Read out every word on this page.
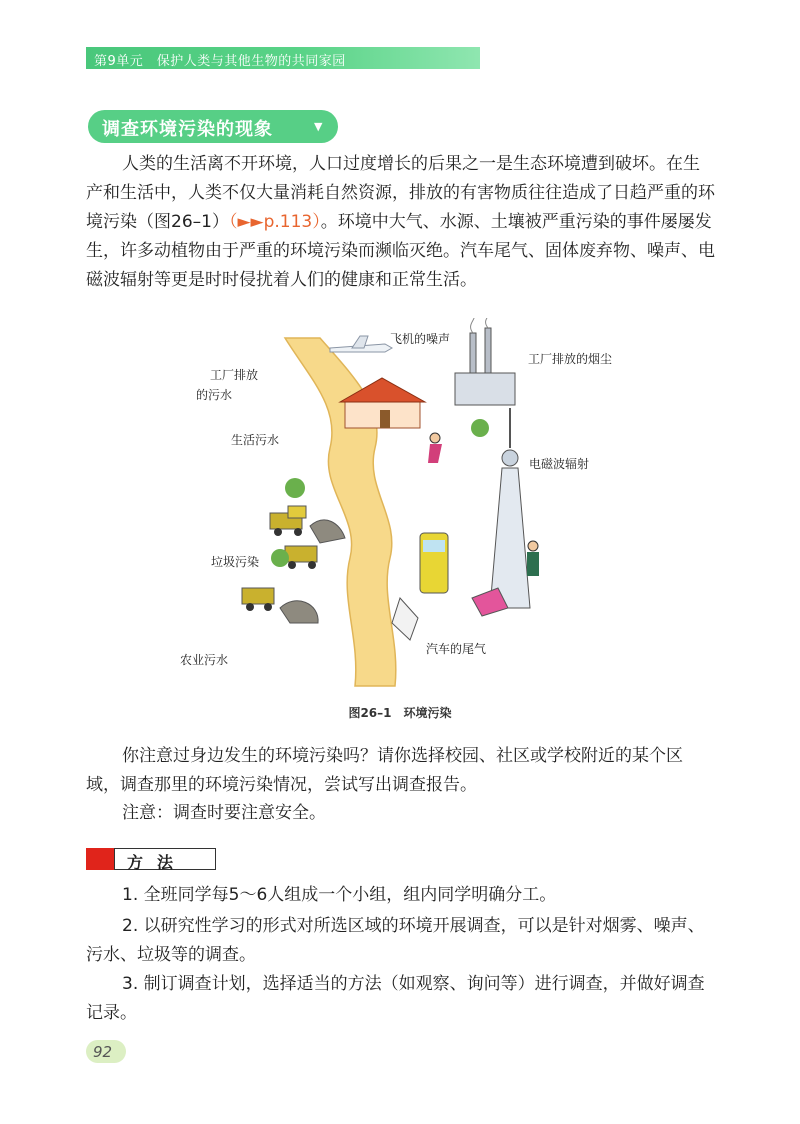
第9单元　保护人类与其他生物的共同家园
调查环境污染的现象	▼

人类的生活离不开环境，人口过度增长的后果之一是生态环境遭到破坏。在生产和生活中，人类不仅大量消耗自然资源，排放的有害物质往往造成了日趋严重的环境污染（图26–1）（►►p.113）。环境中大气、水源、土壤被严重污染的事件屡屡发生，许多动植物由于严重的环境污染而濒临灭绝。汽车尾气、固体废弃物、噪声、电磁波辐射等更是时时侵扰着人们的健康和正常生活。

飞机的噪声
工厂排放的烟尘
工厂排放
的污水
生活污水
电磁波辐射
垃圾污染
农业污水
汽车的尾气
图26–1 环境污染

你注意过身边发生的环境污染吗？请你选择校园、社区或学校附近的某个区域，调查那里的环境污染情况，尝试写出调查报告。

注意：调查时要注意安全。

方法

1. 全班同学每5～6人组成一个小组，组内同学明确分工。

2. 以研究性学习的形式对所选区域的环境开展调查，可以是针对烟雾、噪声、污水、垃圾等的调查。

3. 制订调查计划，选择适当的方法（如观察、询问等）进行调查，并做好调查记录。

92
